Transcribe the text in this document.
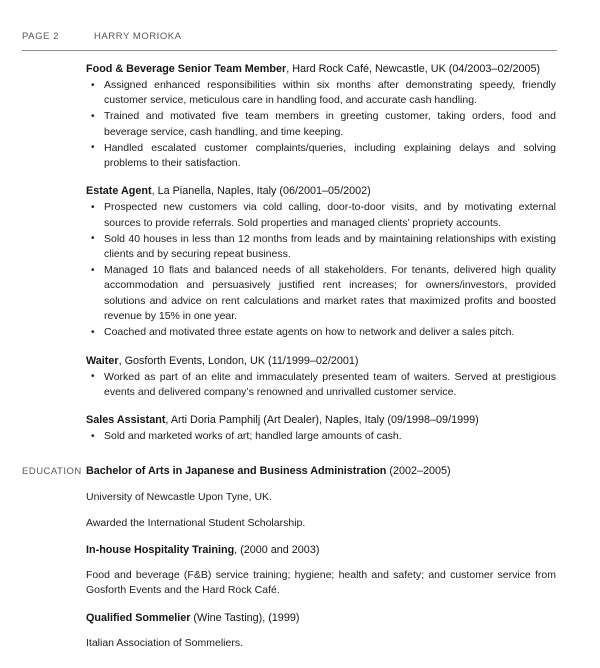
PAGE 2	HARRY MORIOKA

Food & Beverage Senior Team Member, Hard Rock Café, Newcastle, UK (04/2003–02/2005)

• Assigned enhanced responsibilities within six months after demonstrating speedy, friendly customer service, meticulous care in handling food, and accurate cash handling.
• Trained and motivated five team members in greeting customer, taking orders, food and beverage service, cash handling, and time keeping.
• Handled escalated customer complaints/queries, including explaining delays and solving problems to their satisfaction.

Estate Agent, La Pianella, Naples, Italy (06/2001–05/2002)

• Prospected new customers via cold calling, door-to-door visits, and by motivating external sources to provide referrals. Sold properties and managed clients’ propriety accounts.
• Sold 40 houses in less than 12 months from leads and by maintaining relationships with existing clients and by securing repeat business.
• Managed 10 flats and balanced needs of all stakeholders. For tenants, delivered high quality accommodation and persuasively justified rent increases; for owners/investors, provided solutions and advice on rent calculations and market rates that maximized profits and boosted revenue by 15% in one year.
• Coached and motivated three estate agents on how to network and deliver a sales pitch.

Waiter, Gosforth Events, London, UK (11/1999–02/2001)

• Worked as part of an elite and immaculately presented team of waiters. Served at prestigious events and delivered company’s renowned and unrivalled customer service.

Sales Assistant, Arti Doria Pamphilj (Art Dealer), Naples, Italy (09/1998–09/1999)

• Sold and marketed works of art; handled large amounts of cash.
EDUCATION Bachelor of Arts in Japanese and Business Administration (2002–2005)

University of Newcastle Upon Tyne, UK.

Awarded the International Student Scholarship.

In-house Hospitality Training, (2000 and 2003)

Food and beverage (F&B) service training; hygiene; health and safety; and customer service from Gosforth Events and the Hard Rock Café.

Qualified Sommelier (Wine Tasting), (1999)

Italian Association of Sommeliers.
